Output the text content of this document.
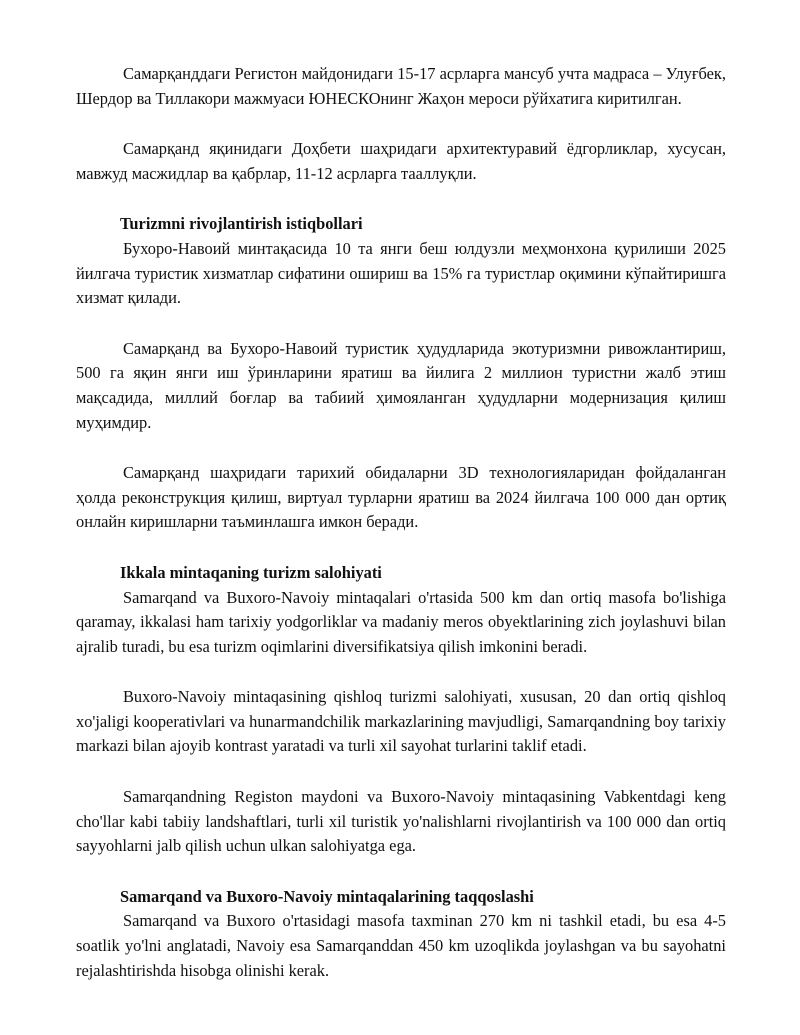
Самарқанддаги Регистон майдонидаги 15-17 асрларга мансуб учта мадраса – Улуғбек, Шердор ва Тиллакори мажмуаси ЮНЕСКОнинг Жаҳон мероси рўйхатига киритилган.

Самарқанд яқинидаги Доҳбети шаҳридаги архитектуравий ёдгорликлар, хусусан, мавжуд масжидлар ва қабрлар, 11-12 асрларга тааллуқли.

Turizmni rivojlantirish istiqbollari

Бухоро-Навоий минтақасида 10 та янги беш юлдузли меҳмонхона қурилиши 2025 йилгача туристик хизматлар сифатини ошириш ва 15% га туристлар оқимини кўпайтиришга хизмат қилади.

Самарқанд ва Бухоро-Навоий туристик ҳудудларида экотуризмни ривожлантириш, 500 га яқин янги иш ўринларини яратиш ва йилига 2 миллион туристни жалб этиш мақсадида, миллий боғлар ва табиий ҳимояланган ҳудудларни модернизация қилиш муҳимдир.

Самарқанд шаҳридаги тарихий обидаларни 3D технологияларидан фойдаланган ҳолда реконструкция қилиш, виртуал турларни яратиш ва 2024 йилгача 100 000 дан ортиқ онлайн киришларни таъминлашга имкон беради.

Ikkala mintaqaning turizm salohiyati

Samarqand va Buxoro-Navoiy mintaqalari o'rtasida 500 km dan ortiq masofa bo'lishiga qaramay, ikkalasi ham tarixiy yodgorliklar va madaniy meros obyektlarining zich joylashuvi bilan ajralib turadi, bu esa turizm oqimlarini diversifikatsiya qilish imkonini beradi.

Buxoro-Navoiy mintaqasining qishloq turizmi salohiyati, xususan, 20 dan ortiq qishloq xo'jaligi kooperativlari va hunarmandchilik markazlarining mavjudligi, Samarqandning boy tarixiy markazi bilan ajoyib kontrast yaratadi va turli xil sayohat turlarini taklif etadi.

Samarqandning Registon maydoni va Buxoro-Navoiy mintaqasining Vabkentdagi keng cho'llar kabi tabiiy landshaftlari, turli xil turistik yo'nalishlarni rivojlantirish va 100 000 dan ortiq sayyohlarni jalb qilish uchun ulkan salohiyatga ega.

Samarqand va Buxoro-Navoiy mintaqalarining taqqoslashi

Samarqand va Buxoro o'rtasidagi masofa taxminan 270 km ni tashkil etadi, bu esa 4-5 soatlik yo'lni anglatadi, Navoiy esa Samarqanddan 450 km uzoqlikda joylashgan va bu sayohatni rejalashtirishda hisobga olinishi kerak.
